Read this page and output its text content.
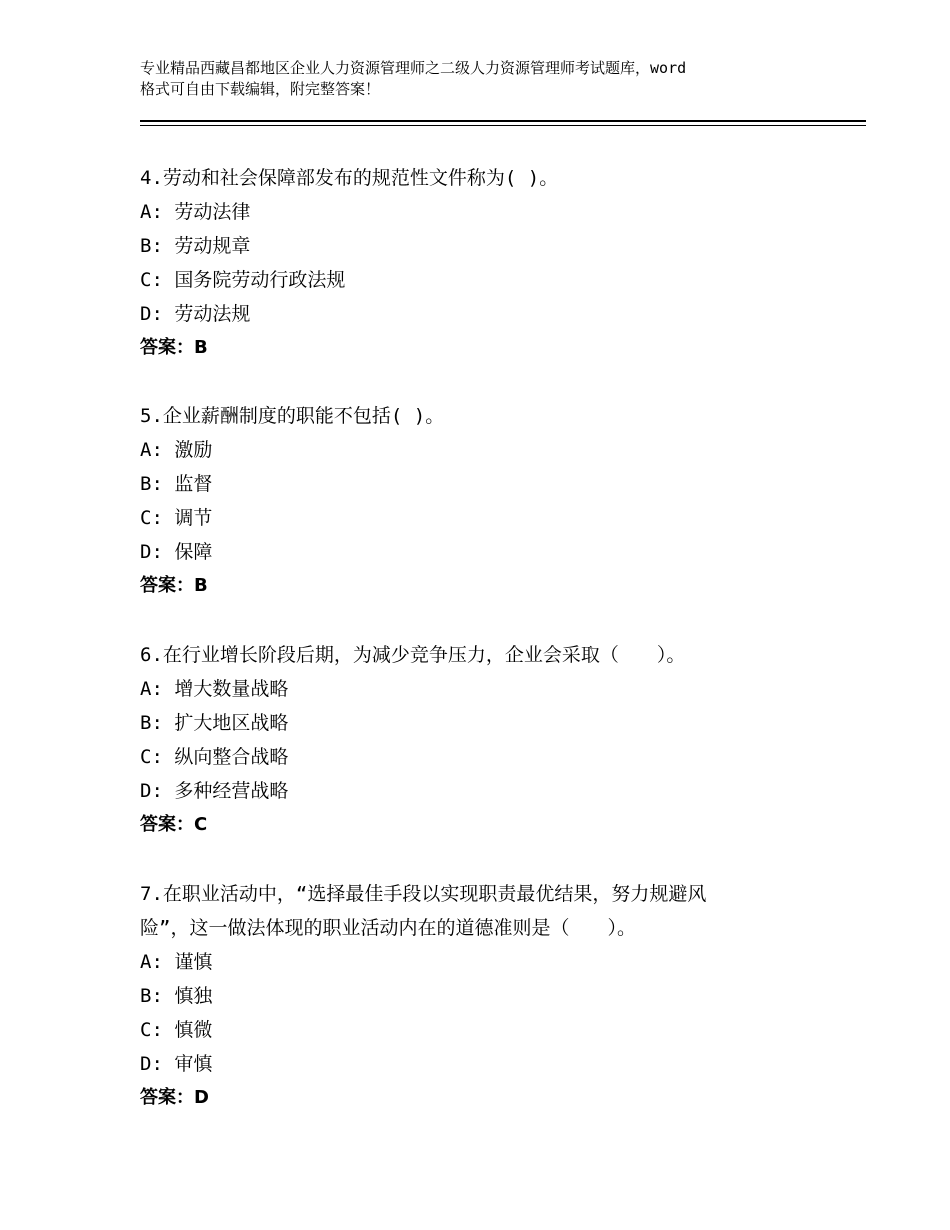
专业精品西藏昌都地区企业人力资源管理师之二级人力资源管理师考试题库，word
格式可自由下载编辑，附完整答案！
4.劳动和社会保障部发布的规范性文件称为( )。
A: 劳动法律
B: 劳动规章
C: 国务院劳动行政法规
D: 劳动法规
答案：B
5.企业薪酬制度的职能不包括( )。
A: 激励
B: 监督
C: 调节
D: 保障
答案：B
6.在行业增长阶段后期，为减少竞争压力，企业会采取（　　）。
A: 增大数量战略
B: 扩大地区战略
C: 纵向整合战略
D: 多种经营战略
答案：C
7.在职业活动中，“选择最佳手段以实现职责最优结果，努力规避风
险”，这一做法体现的职业活动内在的道德准则是（　　）。
A: 谨慎
B: 慎独
C: 慎微
D: 审慎
答案：D
